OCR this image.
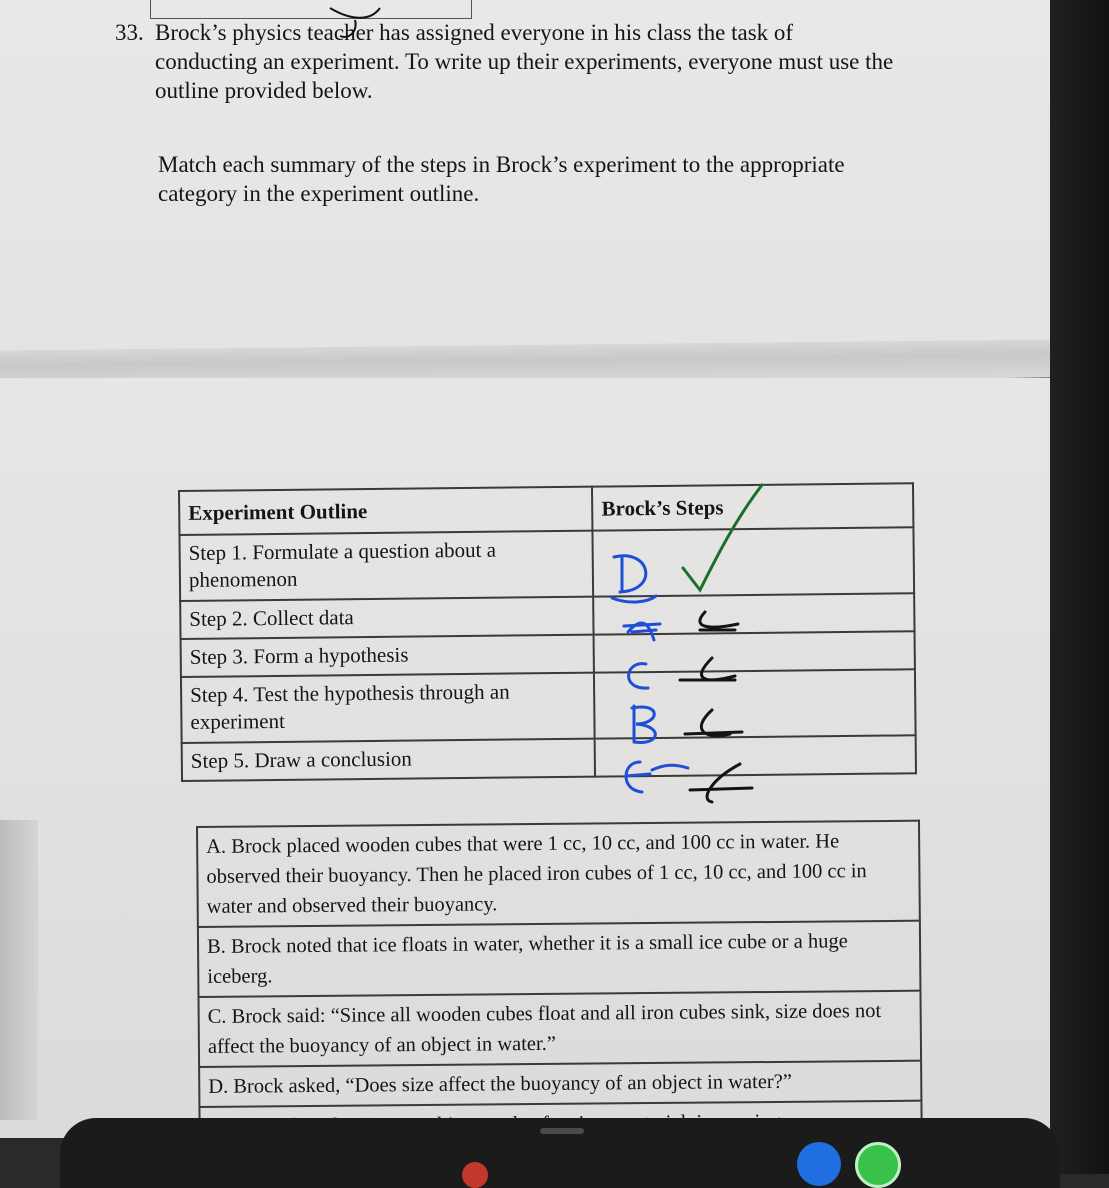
33. Brock’s physics teacher has assigned everyone in his class the task of conducting an experiment. To write up their experiments, everyone must use the outline provided below.
Match each summary of the steps in Brock’s experiment to the appropriate category in the experiment outline.
Experiment Outline	Brock’s Steps
Step 1. Formulate a question about a phenomenon	
Step 2. Collect data	
Step 3. Form a hypothesis	
Step 4. Test the hypothesis through an experiment	
Step 5. Draw a conclusion	
A. Brock placed wooden cubes that were 1 cc, 10 cc, and 100 cc in water. He observed their buoyancy. Then he placed iron cubes of 1 cc, 10 cc, and 100 cc in water and observed their buoyancy.
B. Brock noted that ice floats in water, whether it is a small ice cube or a huge iceberg.
C. Brock said: “Since all wooden cubes float and all iron cubes sink, size does not affect the buoyancy of an object in water.”
D. Brock asked, “Does size affect the buoyancy of an object in water?”
